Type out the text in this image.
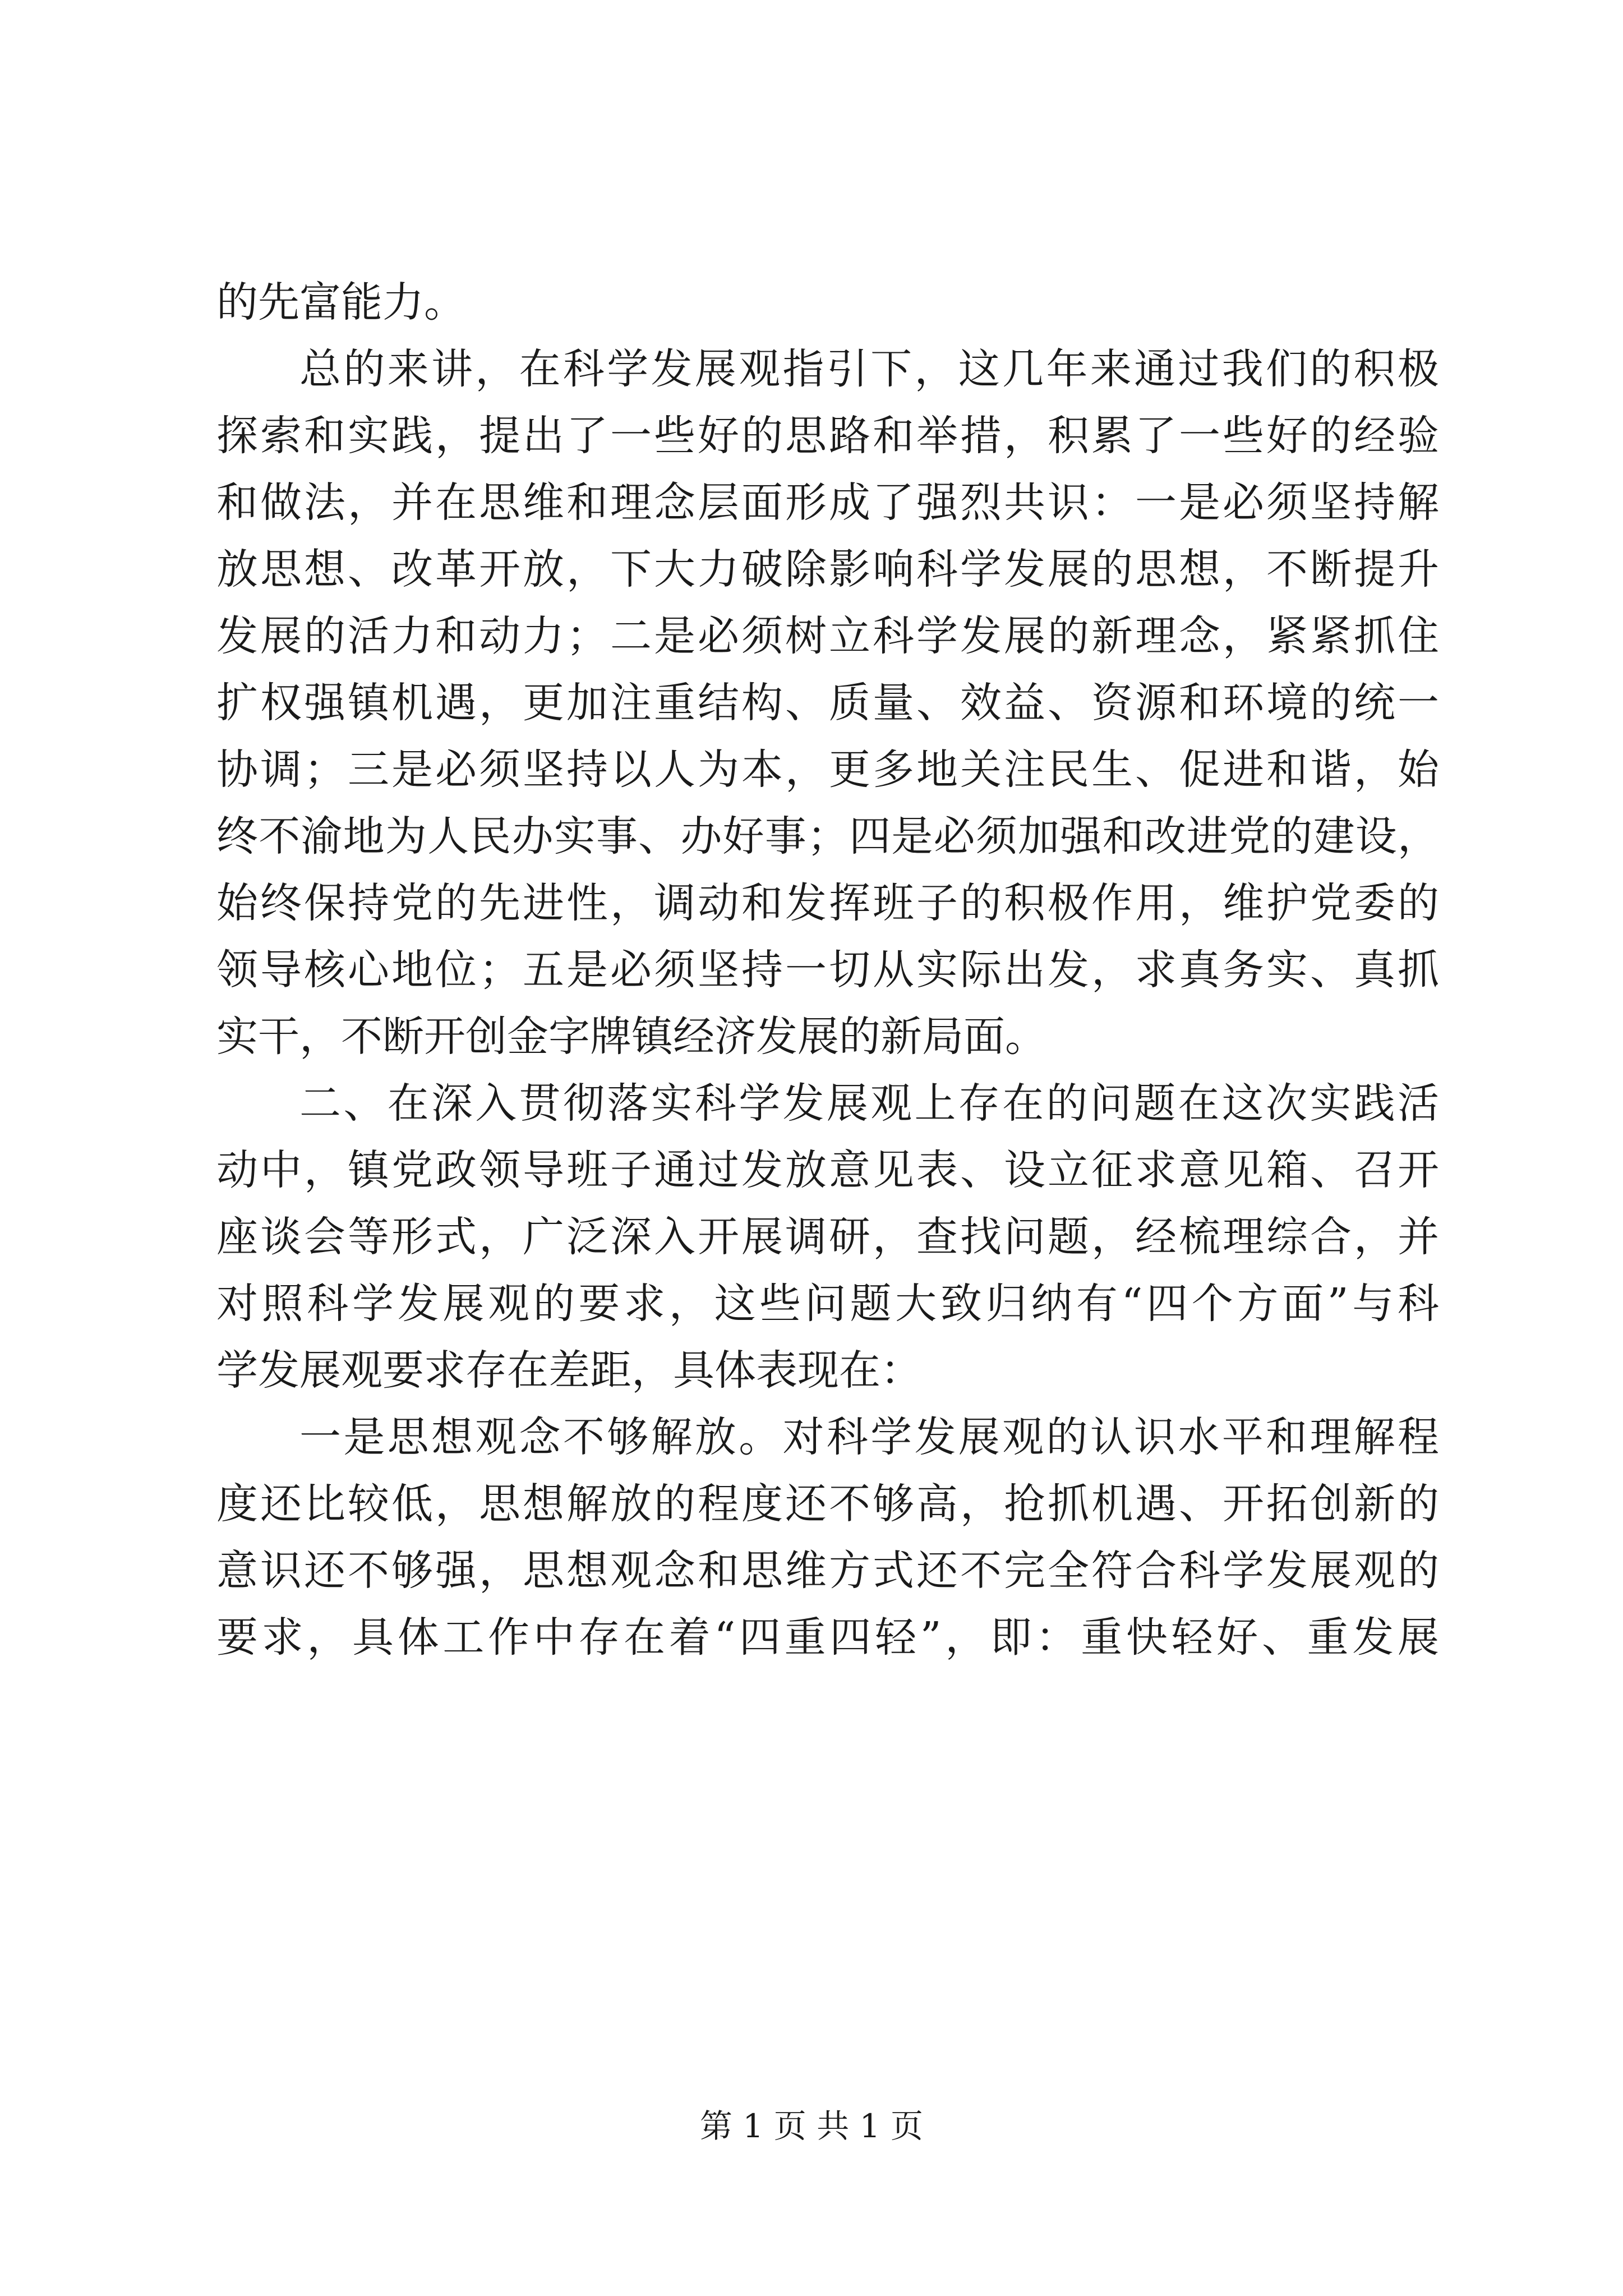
的先富能力。
总的来讲，在科学发展观指引下，这几年来通过我们的积极
探索和实践，提出了一些好的思路和举措，积累了一些好的经验
和做法，并在思维和理念层面形成了强烈共识：一是必须坚持解
放思想、改革开放，下大力破除影响科学发展的思想，不断提升
发展的活力和动力；二是必须树立科学发展的新理念，紧紧抓住
扩权强镇机遇，更加注重结构、质量、效益、资源和环境的统一
协调；三是必须坚持以人为本，更多地关注民生、促进和谐，始
终不渝地为人民办实事、办好事；四是必须加强和改进党的建设，
始终保持党的先进性，调动和发挥班子的积极作用，维护党委的
领导核心地位；五是必须坚持一切从实际出发，求真务实、真抓
实干，不断开创金字牌镇经济发展的新局面。
二、在深入贯彻落实科学发展观上存在的问题在这次实践活
动中，镇党政领导班子通过发放意见表、设立征求意见箱、召开
座谈会等形式，广泛深入开展调研，查找问题，经梳理综合，并
对照科学发展观的要求，这些问题大致归纳有“四个方面”与科
学发展观要求存在差距，具体表现在：
一是思想观念不够解放。对科学发展观的认识水平和理解程
度还比较低，思想解放的程度还不够高，抢抓机遇、开拓创新的
意识还不够强，思想观念和思维方式还不完全符合科学发展观的
要求，具体工作中存在着“四重四轻”，即：重快轻好、重发展
第 1 页 共 1 页
